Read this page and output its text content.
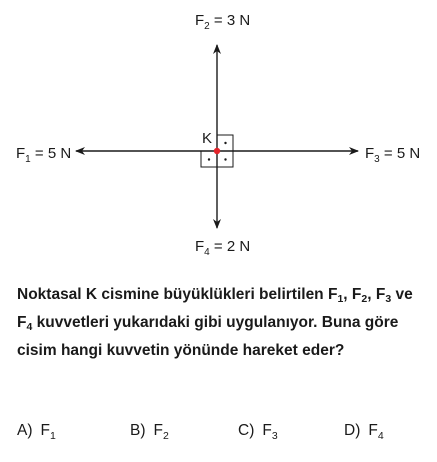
K
$F_2 = 3$ N
$F_1 = 5$ N	$F_3 = 5$ N
$F_4 = 2$ N
Noktasal K cismine büyüklükleri belirtilen $F_1$, $F_2$, $F_3$ ve $F_4$ kuvvetleri yukarıdaki gibi uygulanıyor. Buna göre cisim hangi kuvvetin yönünde hareket eder?
A) $F_1$	B) $F_2$	C) $F_3$	D) $F_4$
